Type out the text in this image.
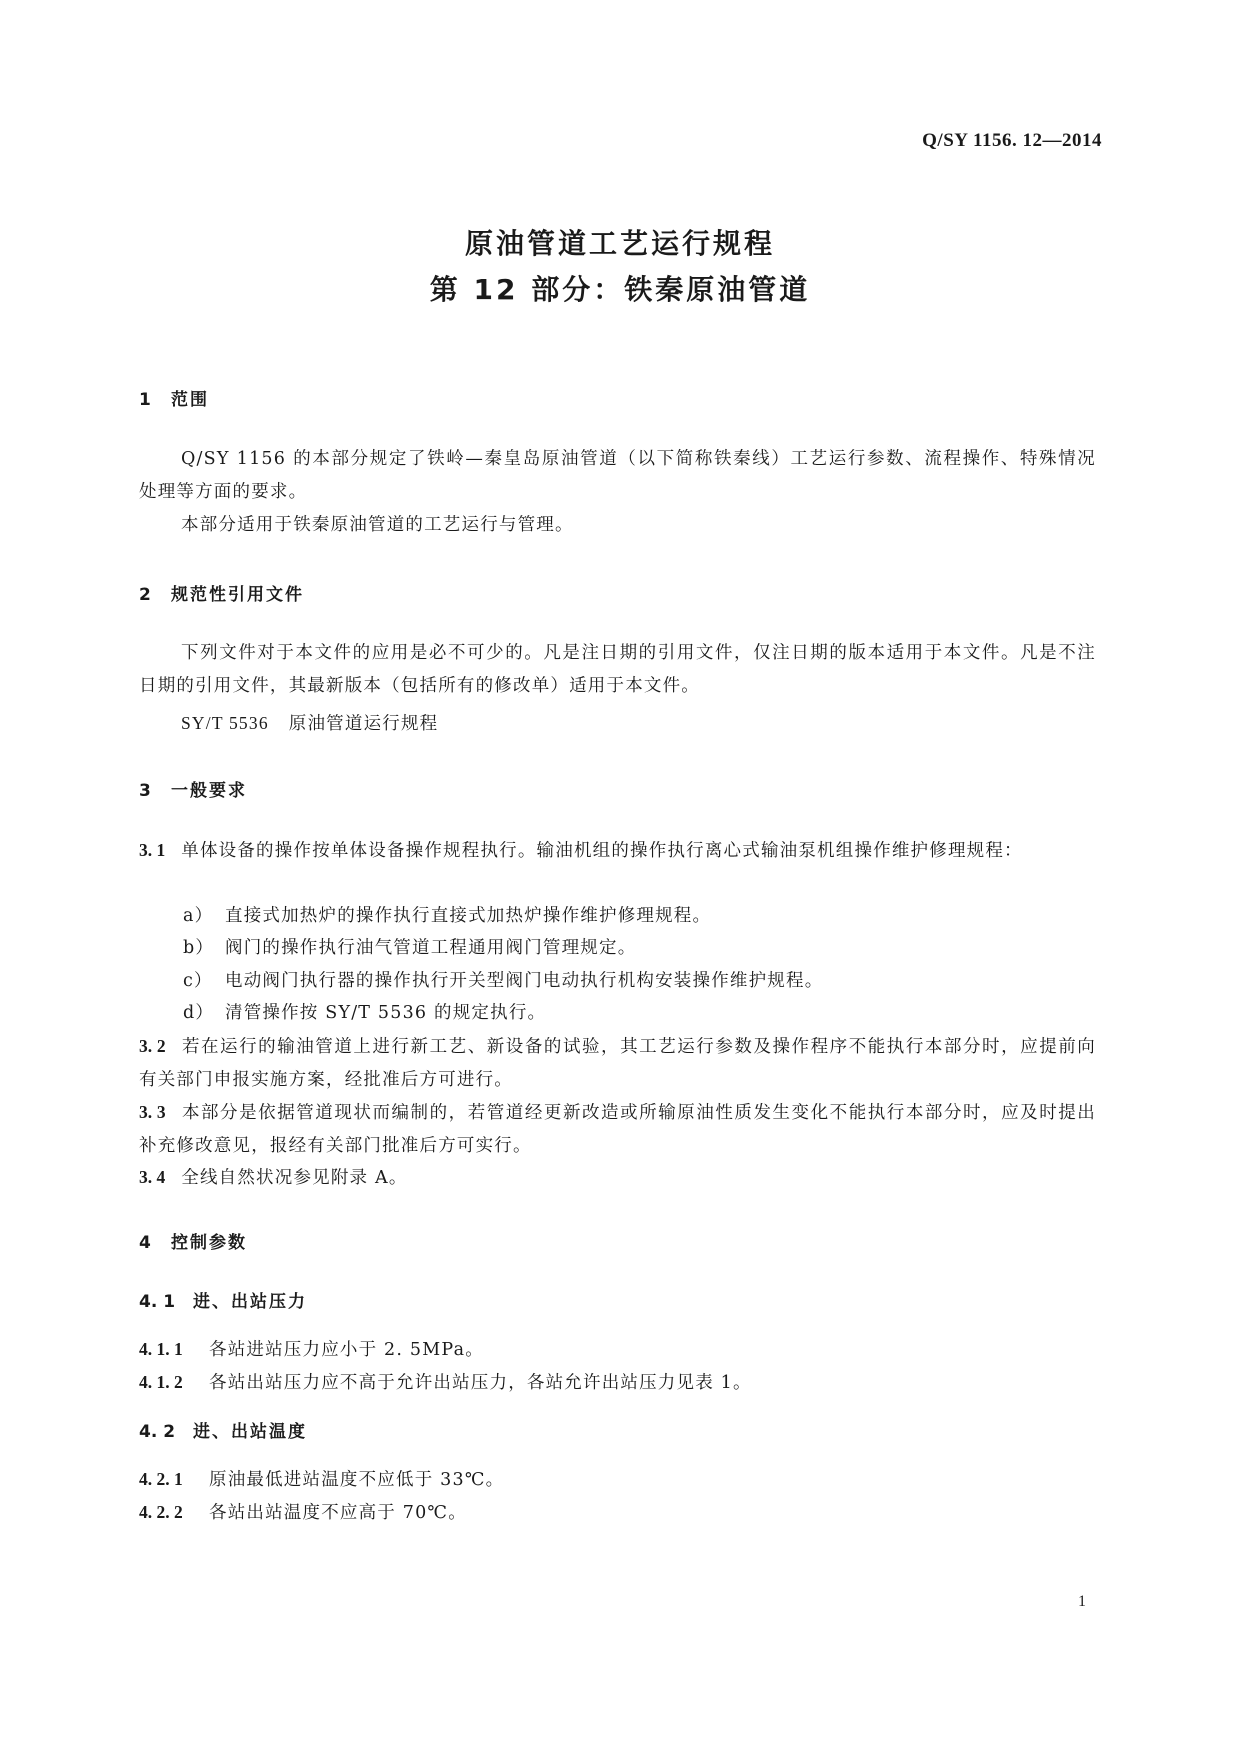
Q/SY 1156. 12—2014
原油管道工艺运行规程
第 12 部分：铁秦原油管道
1 范围

Q/SY 1156 的本部分规定了铁岭—秦皇岛原油管道（以下简称铁秦线）工艺运行参数、流程操作、特殊情况处理等方面的要求。

本部分适用于铁秦原油管道的工艺运行与管理。

2 规范性引用文件

下列文件对于本文件的应用是必不可少的。凡是注日期的引用文件，仅注日期的版本适用于本文件。凡是不注日期的引用文件，其最新版本（包括所有的修改单）适用于本文件。

SY/T 5536 原油管道运行规程
3 一般要求

3. 1 单体设备的操作按单体设备操作规程执行。输油机组的操作执行离心式输油泵机组操作维护修理规程：

a） 直接式加热炉的操作执行直接式加热炉操作维护修理规程。
b） 阀门的操作执行油气管道工程通用阀门管理规定。
c） 电动阀门执行器的操作执行开关型阀门电动执行机构安装操作维护规程。
d） 清管操作按 SY/T 5536 的规定执行。

3. 2 若在运行的输油管道上进行新工艺、新设备的试验，其工艺运行参数及操作程序不能执行本部分时，应提前向有关部门申报实施方案，经批准后方可进行。

3. 3 本部分是依据管道现状而编制的，若管道经更新改造或所输原油性质发生变化不能执行本部分时，应及时提出补充修改意见，报经有关部门批准后方可实行。

3. 4 全线自然状况参见附录 A。

4 控制参数
4. 1 进、出站压力
4. 1. 1 各站进站压力应小于 2. 5MPa。
4. 1. 2 各站出站压力应不高于允许出站压力，各站允许出站压力见表 1。
4. 2 进、出站温度
4. 2. 1 原油最低进站温度不应低于 33℃。
4. 2. 2 各站出站温度不应高于 70℃。
1
